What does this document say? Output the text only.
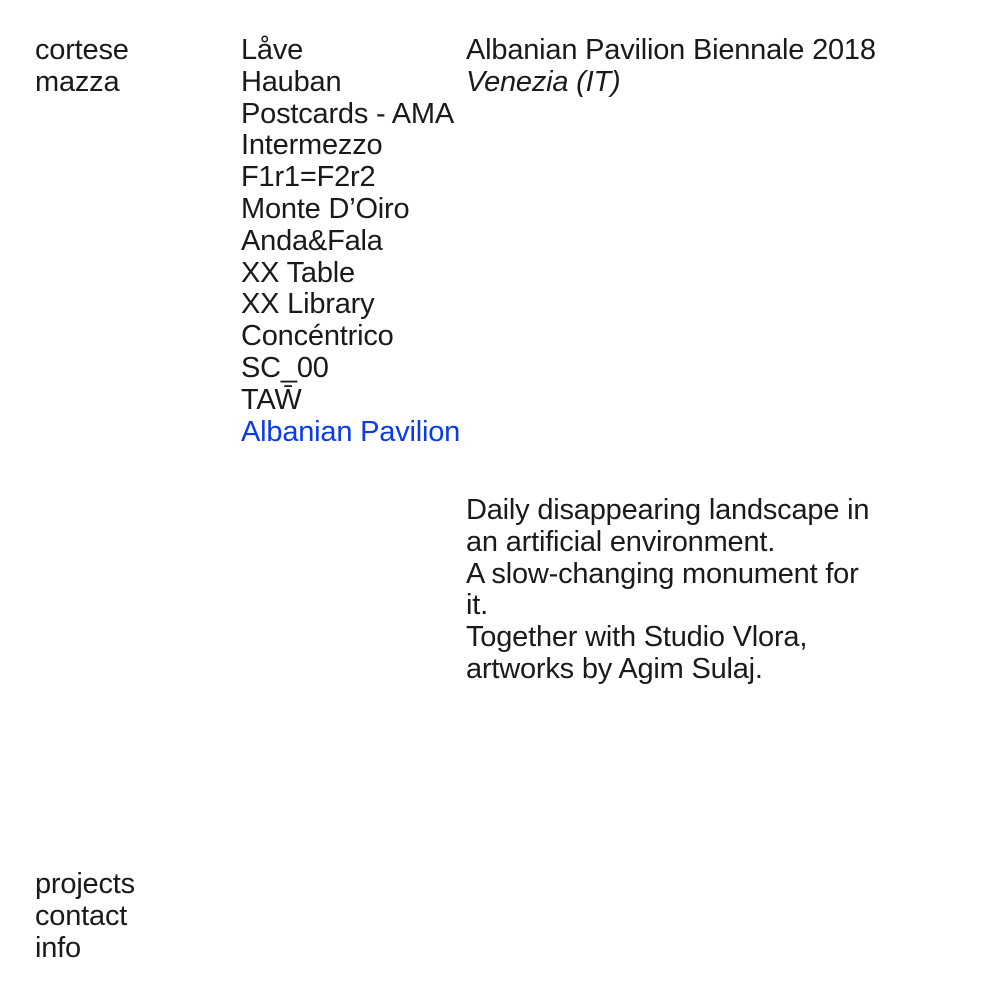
cortese
mazza
Låve
Hauban
Postcards - AMA
Intermezzo
F1r1=F2r2
Monte D’Oiro
Anda&Fala
XX Table
XX Library
Concéntrico
SC_00
TAW̄
Albanian Pavilion
Albanian Pavilion Biennale 2018
Venezia (IT)
Daily disappearing landscape in
an artificial environment.
A slow-changing monument for
it.
Together with Studio Vlora,
artworks by Agim Sulaj.
projects
contact
info
